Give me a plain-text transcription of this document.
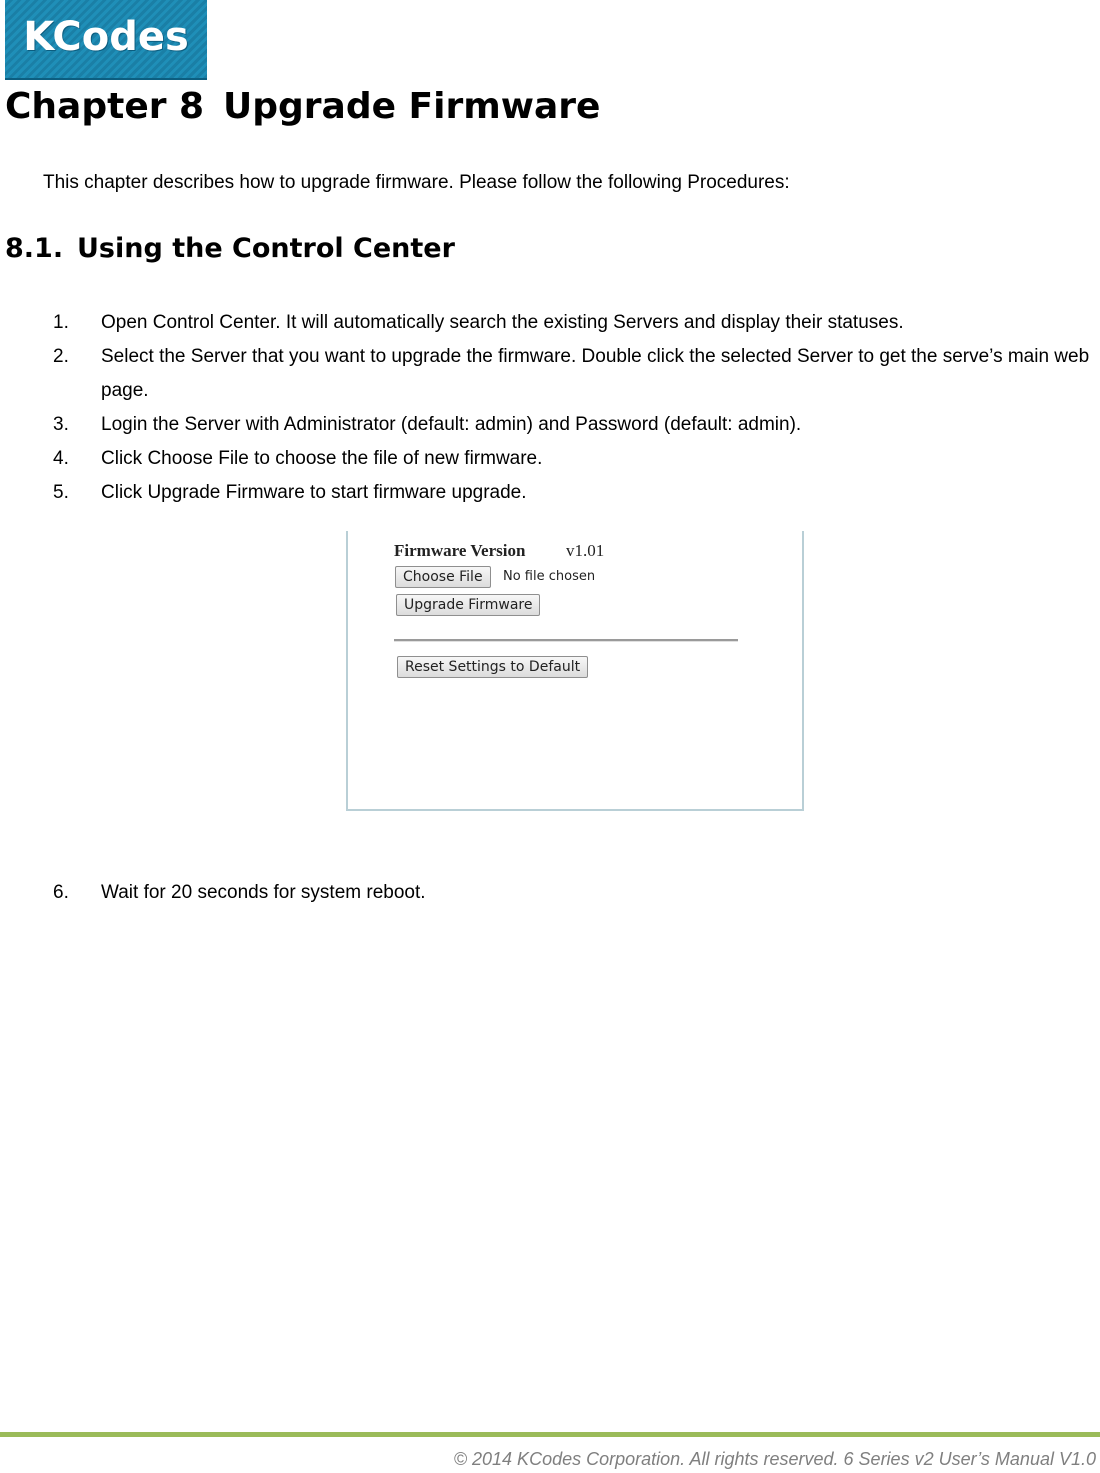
KCodes
Chapter 8 Upgrade Firmware
This chapter describes how to upgrade firmware. Please follow the following Procedures:
8.1. Using the Control Center
1. Open Control Center. It will automatically search the existing Servers and display their statuses.
2. Select the Server that you want to upgrade the firmware. Double click the selected Server to get the serve’s main web page.
3. Login the Server with Administrator (default: admin) and Password (default: admin).
4. Click Choose File to choose the file of new firmware.
5. Click Upgrade Firmware to start firmware upgrade.
Firmware Version v1.01
Choose File	No file chosen
Upgrade Firmware
Reset Settings to Default
6. Wait for 20 seconds for system reboot.
© 2014 KCodes Corporation. All rights reserved. 6 Series v2 User’s Manual V1.0
